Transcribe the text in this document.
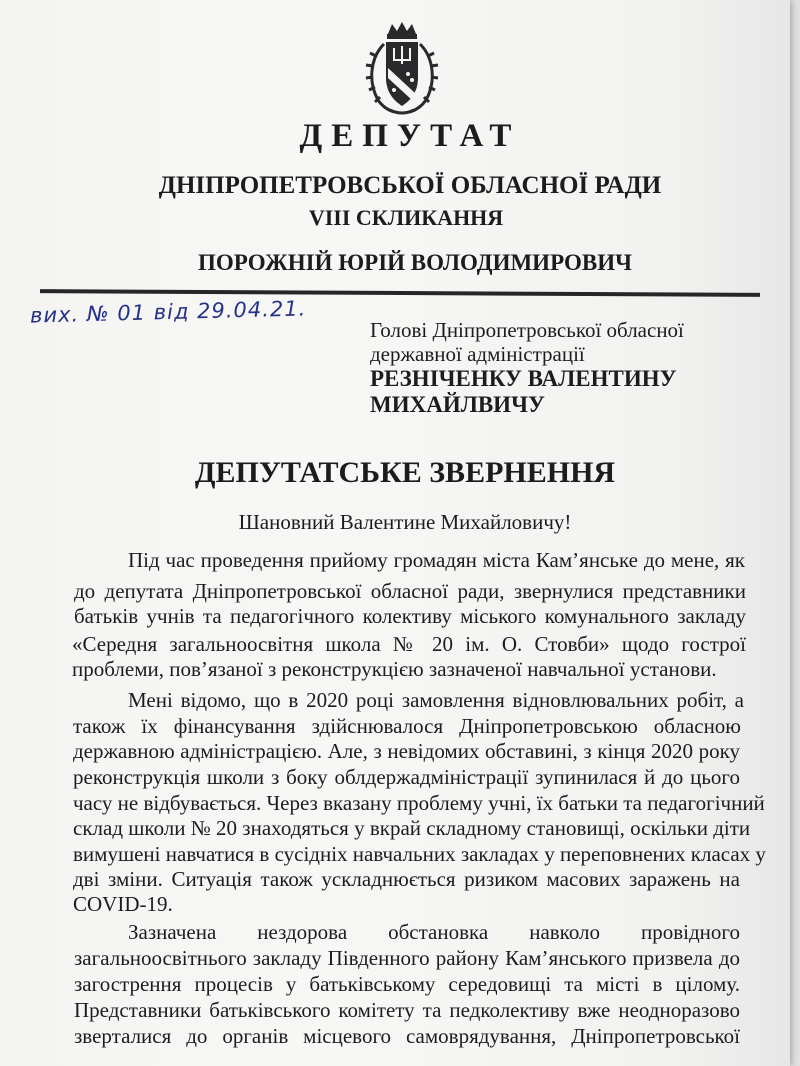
ДЕПУТАТ
ДНІПРОПЕТРОВСЬКОЇ ОБЛАСНОЇ РАДИ
VIII СКЛИКАННЯ
ПОРОЖНІЙ ЮРІЙ ВОЛОДИМИРОВИЧ
вих. № 01 від 29.04.21.
Голові Дніпропетровської обласної
державної адміністрації
РЕЗНІЧЕНКУ ВАЛЕНТИНУ
МИХАЙЛВИЧУ
ДЕПУТАТСЬКЕ ЗВЕРНЕННЯ
Шановний Валентине Михайловичу!
Під час проведення прийому громадян міста Кам’янське до мене, як
до депутата Дніпропетровської обласної ради, звернулися представники
батьків учнів та педагогічного колективу міського комунального закладу
«Середня загальноосвітня школа № 20 ім. О. Стовби» щодо гострої
проблеми, пов’язаної з реконструкцією зазначеної навчальної установи.
Мені відомо, що в 2020 році замовлення відновлювальних робіт, а
також їх фінансування здійснювалося Дніпропетровською обласною
державною адміністрацією. Але, з невідомих обставині, з кінця 2020 року
реконструкція школи з боку облдержадміністрації зупинилася й до цього
часу не відбувається. Через вказану проблему учні, їх батьки та педагогічний
склад школи № 20 знаходяться у вкрай складному становищі, оскільки діти
вимушені навчатися в сусідніх навчальних закладах у переповнених класах у
дві зміни. Ситуація також ускладнюється ризиком масових заражень на
COVID-19.
Зазначена нездорова обстановка навколо провідного
загальноосвітнього закладу Південного району Кам’янського призвела до
загострення процесів у батьківському середовищі та місті в цілому.
Представники батьківського комітету та педколективу вже неодноразово
зверталися до органів місцевого самоврядування, Дніпропетровської
